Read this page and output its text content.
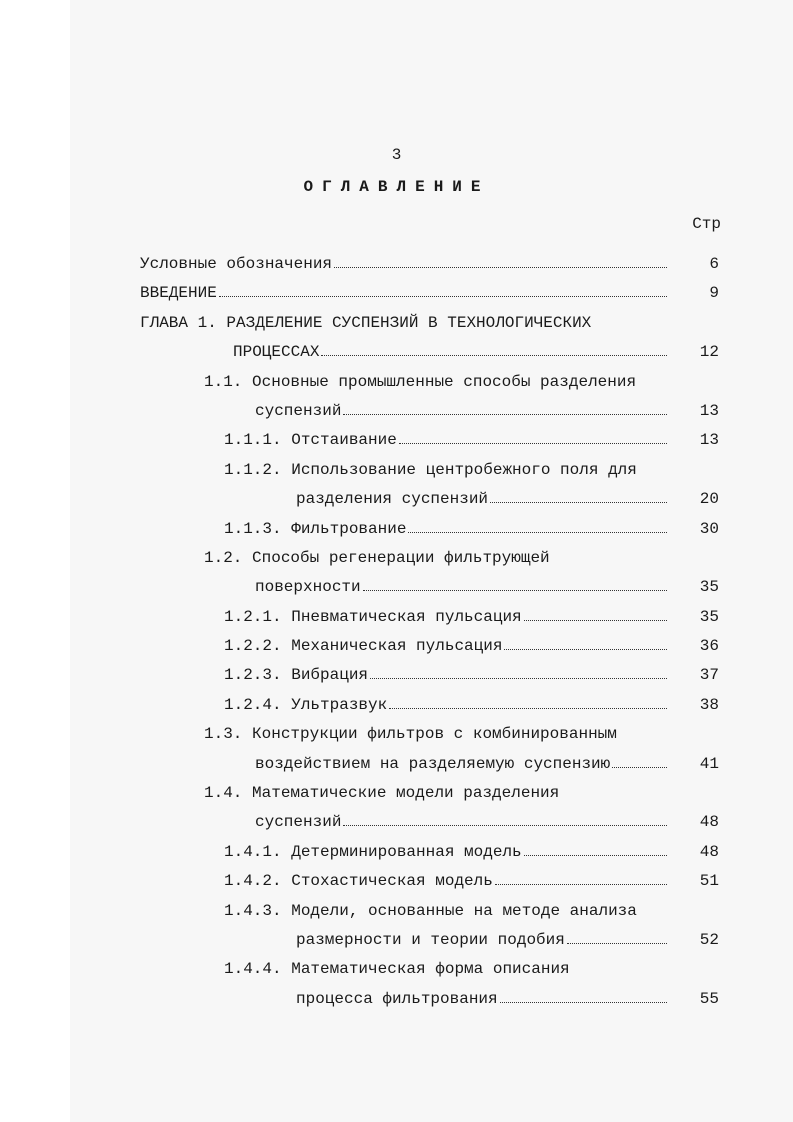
3
ОГЛАВЛЕНИЕ
Стр
Условные обозначения	6
ВВЕДЕНИЕ	9
ГЛАВА 1. РАЗДЕЛЕНИЕ СУСПЕНЗИЙ В ТЕХНОЛОГИЧЕСКИХ
ПРОЦЕССАХ	12
1.1. Основные промышленные способы разделения
суспензий	13
1.1.1. Отстаивание	13
1.1.2. Использование центробежного поля для
разделения суспензий	20
1.1.3. Фильтрование	30
1.2. Способы регенерации фильтрующей
поверхности	35
1.2.1. Пневматическая пульсация	35
1.2.2. Механическая пульсация	36
1.2.3. Вибрация	37
1.2.4. Ультразвук	38
1.3. Конструкции фильтров с комбинированным
воздействием на разделяемую суспензию	41
1.4. Математические модели разделения
суспензий	48
1.4.1. Детерминированная модель	48
1.4.2. Стохастическая модель	51
1.4.3. Модели, основанные на методе анализа
размерности и теории подобия	52
1.4.4. Математическая форма описания
процесса фильтрования	55
